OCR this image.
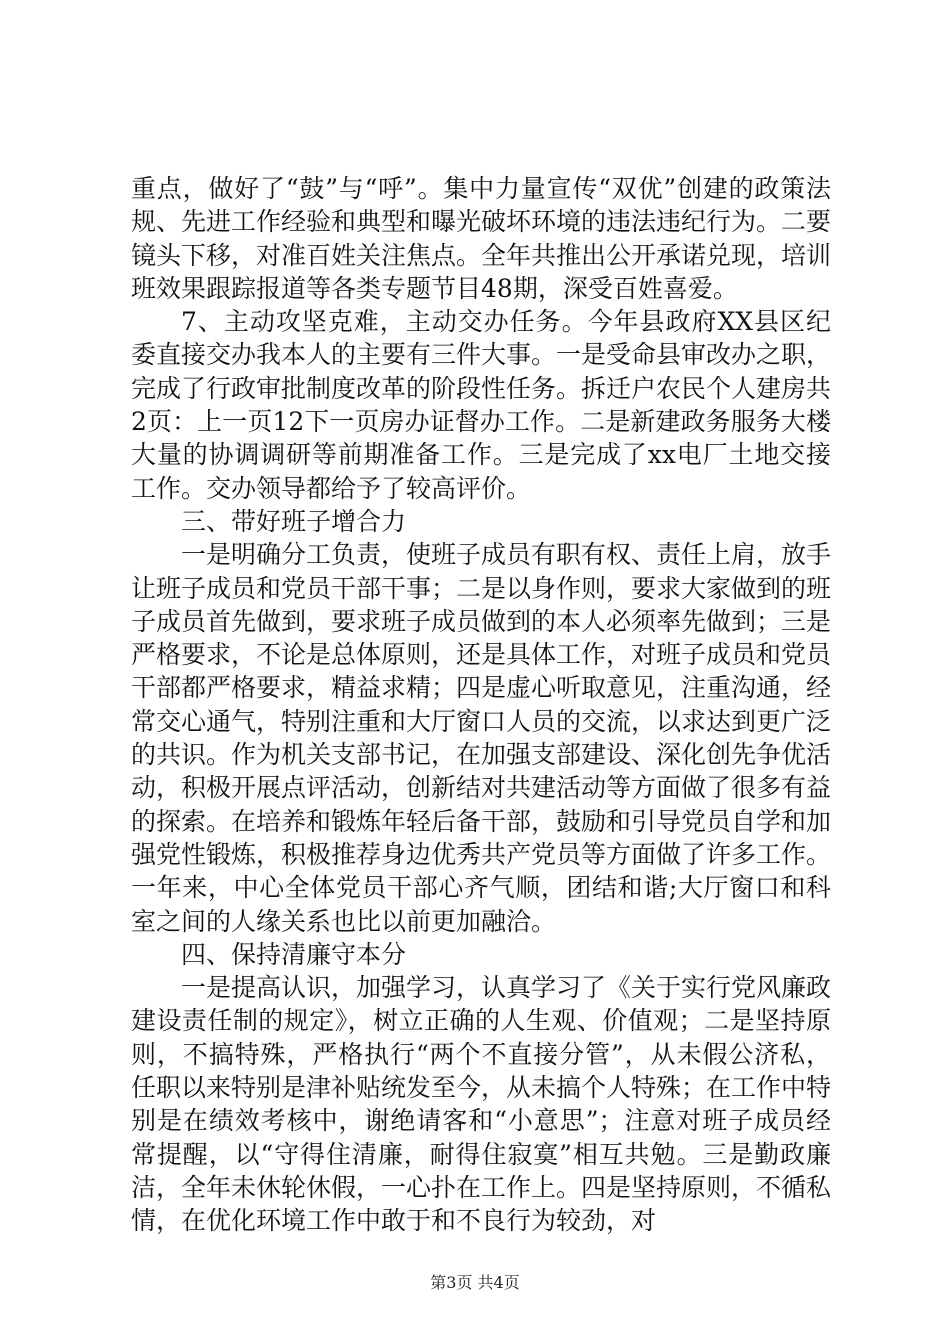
重点，做好了“鼓”与“呼”。集中力量宣传“双优”创建的政策法规、先进工作经验和典型和曝光破坏环境的违法违纪行为。二要镜头下移，对准百姓关注焦点。全年共推出公开承诺兑现，培训班效果跟踪报道等各类专题节目48期，深受百姓喜爱。

7、主动攻坚克难，主动交办任务。今年县政府XX县区纪委直接交办我本人的主要有三件大事。一是受命县审改办之职，完成了行政审批制度改革的阶段性任务。拆迁户农民个人建房共2页：上一页12下一页房办证督办工作。二是新建政务服务大楼大量的协调调研等前期准备工作。三是完成了xx电厂土地交接工作。交办领导都给予了较高评价。

三、带好班子增合力

一是明确分工负责，使班子成员有职有权、责任上肩，放手让班子成员和党员干部干事；二是以身作则，要求大家做到的班子成员首先做到，要求班子成员做到的本人必须率先做到；三是严格要求，不论是总体原则，还是具体工作，对班子成员和党员干部都严格要求，精益求精；四是虚心听取意见，注重沟通，经常交心通气，特别注重和大厅窗口人员的交流，以求达到更广泛的共识。作为机关支部书记，在加强支部建设、深化创先争优活动，积极开展点评活动，创新结对共建活动等方面做了很多有益的探索。在培养和锻炼年轻后备干部，鼓励和引导党员自学和加强党性锻炼，积极推荐身边优秀共产党员等方面做了许多工作。一年来，中心全体党员干部心齐气顺，团结和谐;大厅窗口和科室之间的人缘关系也比以前更加融洽。

四、保持清廉守本分

一是提高认识，加强学习，认真学习了《关于实行党风廉政建设责任制的规定》，树立正确的人生观、价值观；二是坚持原则，不搞特殊，严格执行“两个不直接分管”，从未假公济私，任职以来特别是津补贴统发至今，从未搞个人特殊；在工作中特别是在绩效考核中，谢绝请客和“小意思”；注意对班子成员经常提醒，以“守得住清廉，耐得住寂寞”相互共勉。三是勤政廉洁，全年未休轮休假，一心扑在工作上。四是坚持原则，不循私情，在优化环境工作中敢于和不良行为较劲，对

第3页 共4页
